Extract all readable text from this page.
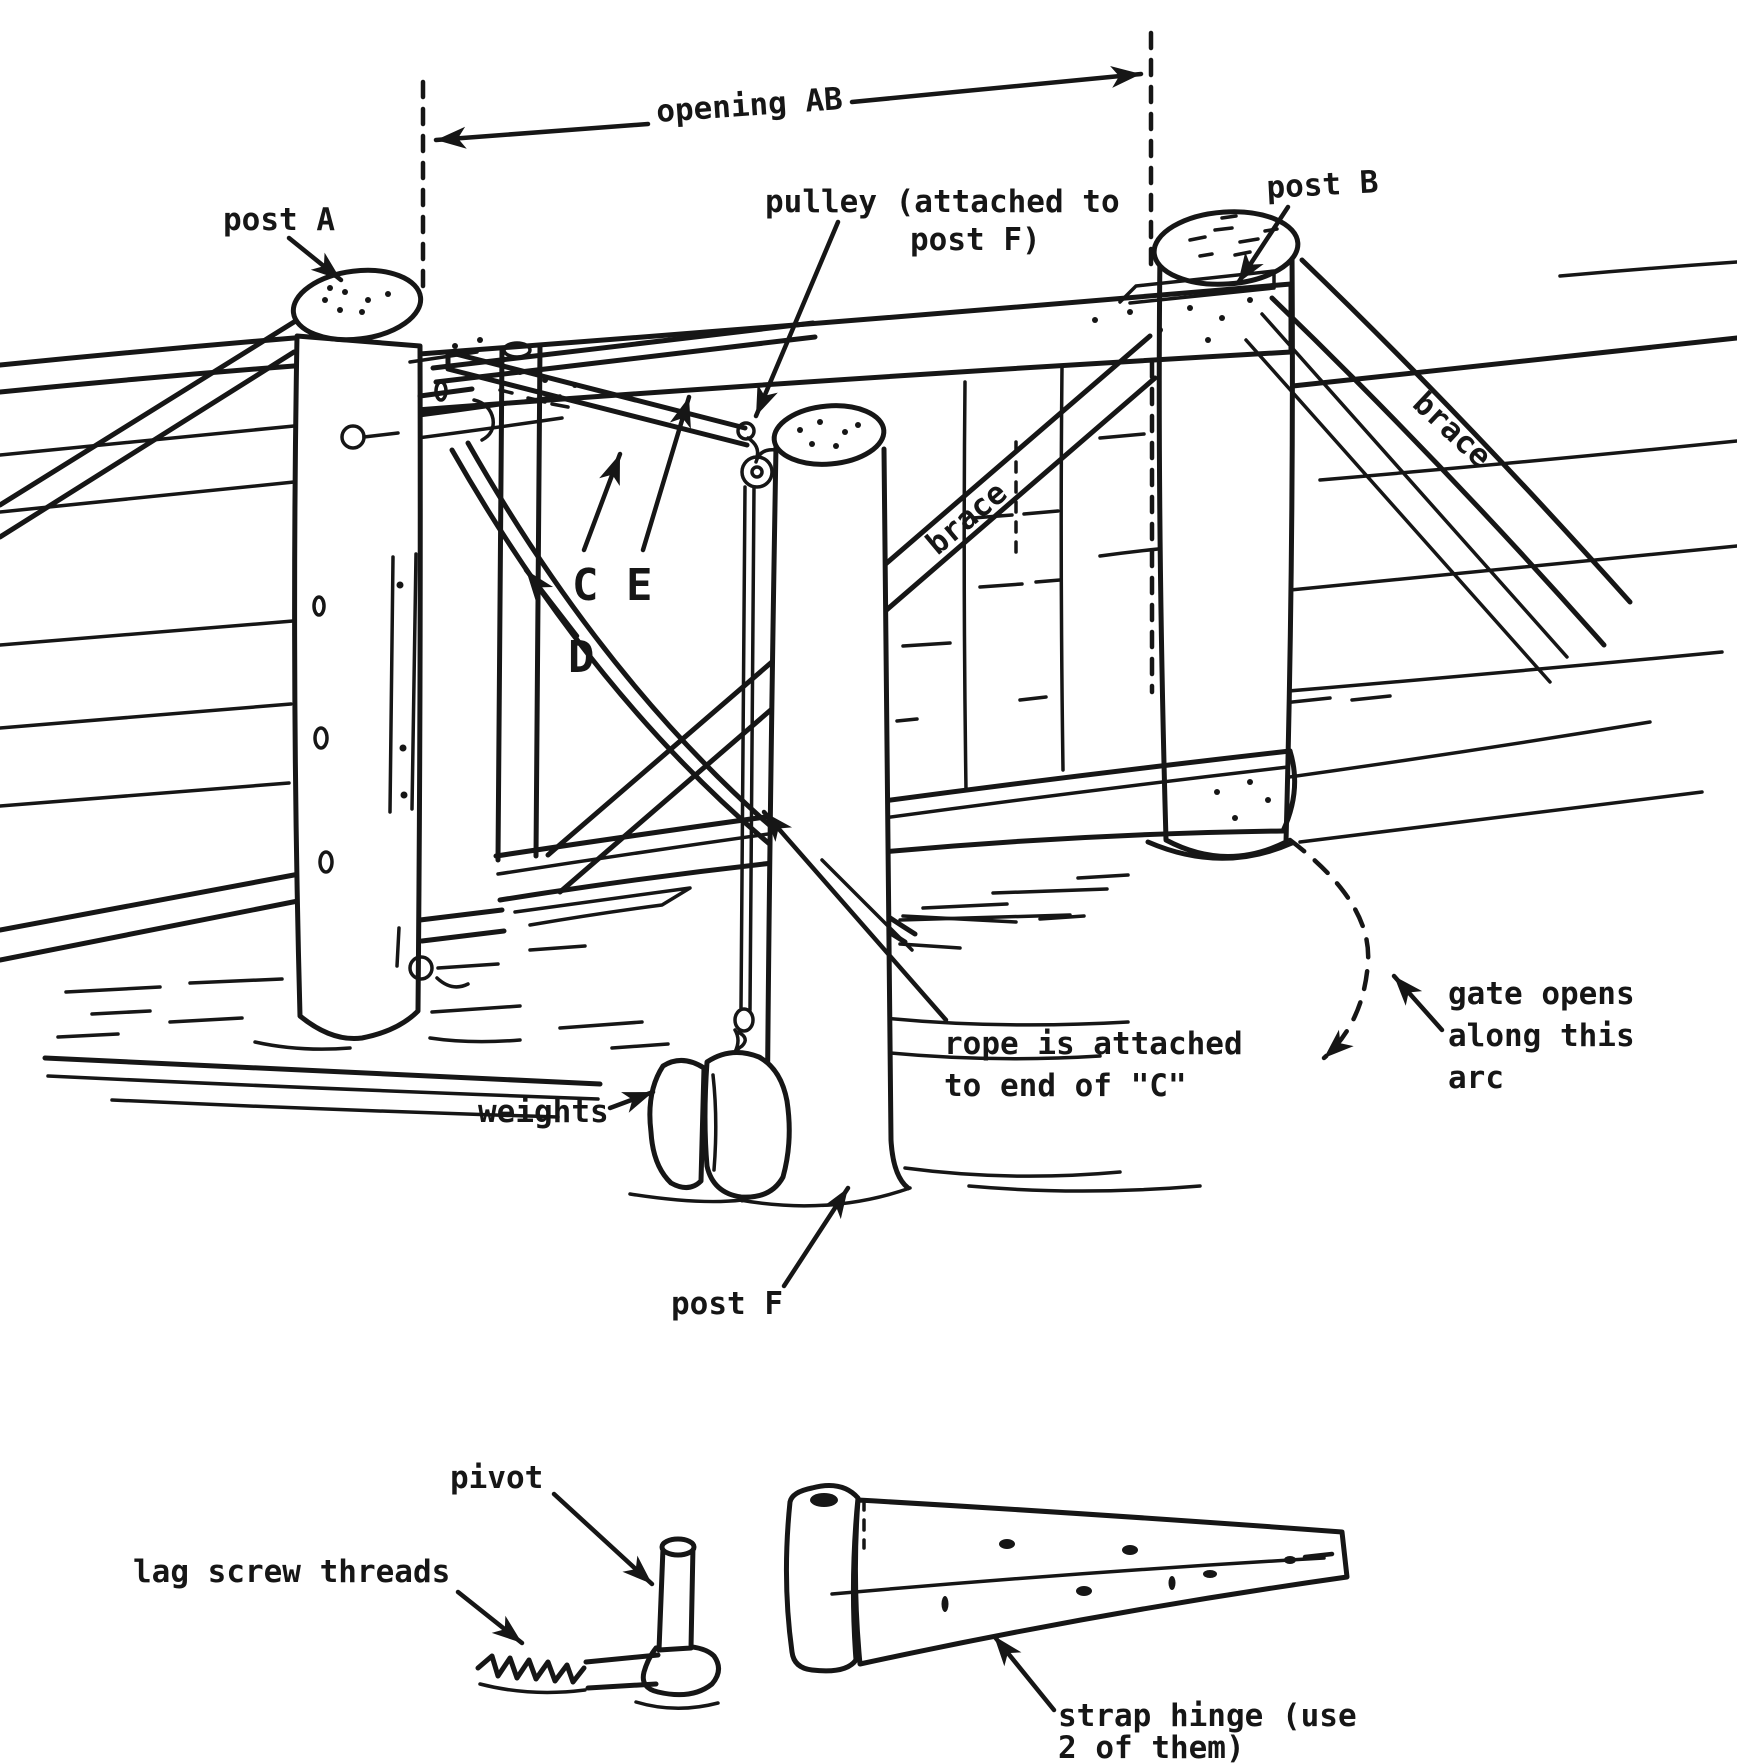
opening AB
post A
post B
pulley (attached to
post F)
brace
brace
C E
D
rope is attached
to end of "C"
weights
gate opens
along this
arc
post F
pivot
lag screw threads
strap hinge (use
2 of them)
